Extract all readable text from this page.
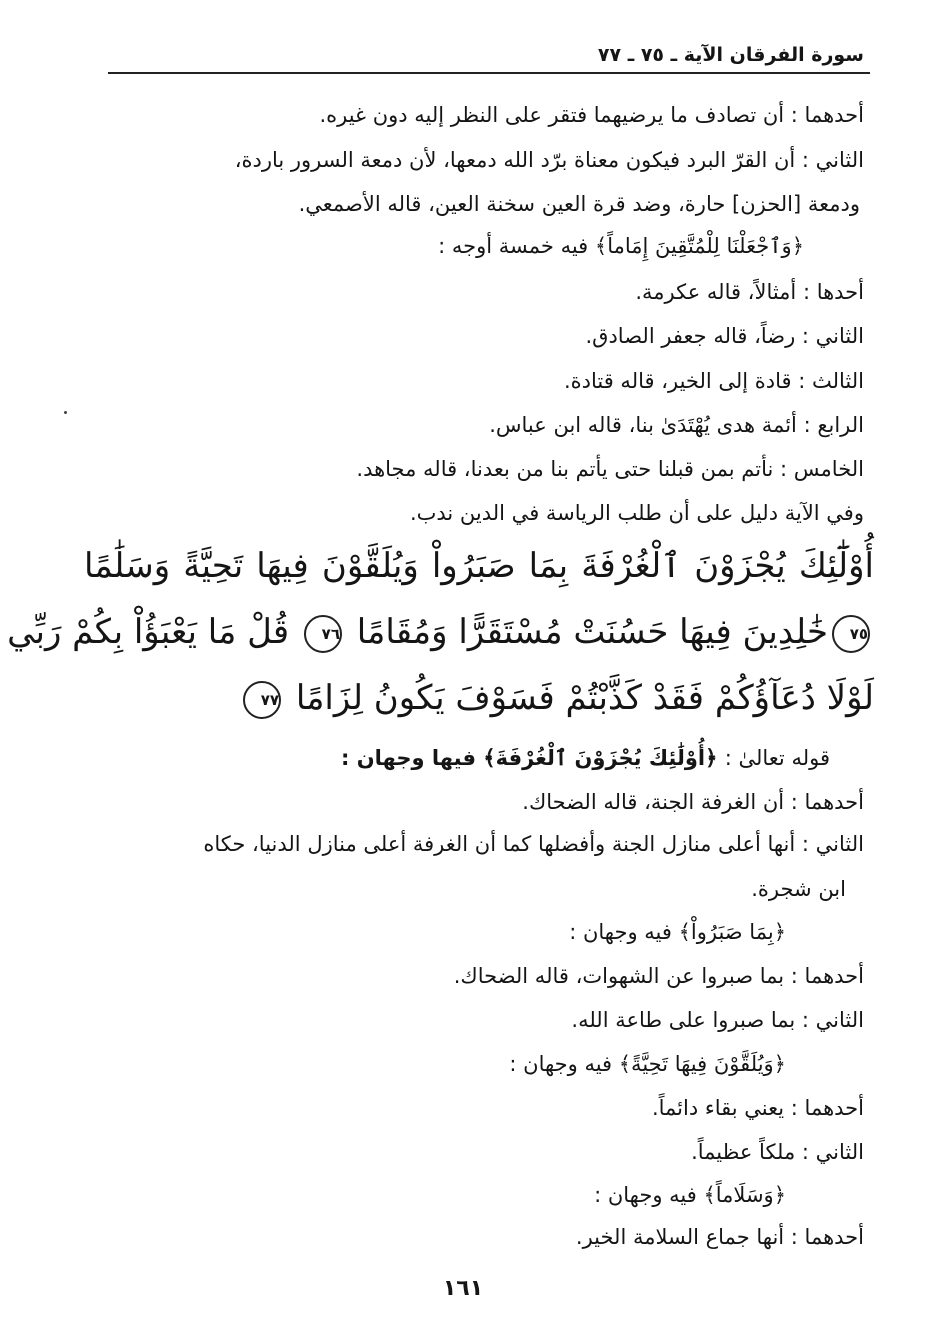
سورة الفرقان الآية ـ ٧٥ ـ ٧٧
أحدهما : أن تصادف ما يرضيهما فتقر على النظر إليه دون غيره.
الثاني : أن القرّ البرد فيكون معناة برّد الله دمعها، لأن دمعة السرور باردة،
ودمعة [الحزن] حارة، وضد قرة العين سخنة العين، قاله الأصمعي.
﴿وَٱجْعَلْنَا لِلْمُتَّقِينَ إِمَاماً﴾ فيه خمسة أوجه :
أحدها : أمثالاً، قاله عكرمة.
الثاني : رضاً، قاله جعفر الصادق.
الثالث : قادة إلى الخير، قاله قتادة.
الرابع : أئمة هدى يُهْتَدَىٰ بنا، قاله ابن عباس.
الخامس : نأتم بمن قبلنا حتى يأتم بنا من بعدنا، قاله مجاهد.
وفي الآية دليل على أن طلب الرياسة في الدين ندب.
أُوْلَٰٓئِكَ يُجْزَوْنَ ٱلْغُرْفَةَ بِمَا صَبَرُواْ وَيُلَقَّوْنَ فِيهَا تَحِيَّةً وَسَلَٰمًا
٧٥خَٰلِدِينَ فِيهَا حَسُنَتْ مُسْتَقَرًّا وَمُقَامًا ٧٦ قُلْ مَا يَعْبَؤُاْ بِكُمْ رَبِّي
لَوْلَا دُعَآؤُكُمْ فَقَدْ كَذَّبْتُمْ فَسَوْفَ يَكُونُ لِزَامًا ٧٧
قوله تعالىٰ : ﴿أُوْلَٰئِكَ يُجْزَوْنَ ٱلْغُرْفَةَ﴾ فيها وجهان :
أحدهما : أن الغرفة الجنة، قاله الضحاك.
الثاني : أنها أعلى منازل الجنة وأفضلها كما أن الغرفة أعلى منازل الدنيا، حكاه
ابن شجرة.
﴿بِمَا صَبَرُواْ﴾ فيه وجهان :
أحدهما : بما صبروا عن الشهوات، قاله الضحاك.
الثاني : بما صبروا على طاعة الله.
﴿وَيُلَقَّوْنَ فِيهَا تَحِيَّةً﴾ فيه وجهان :
أحدهما : يعني بقاء دائماً.
الثاني : ملكاً عظيماً.
﴿وَسَلَاماً﴾ فيه وجهان :
أحدهما : أنها جماع السلامة الخير.
١٦١
